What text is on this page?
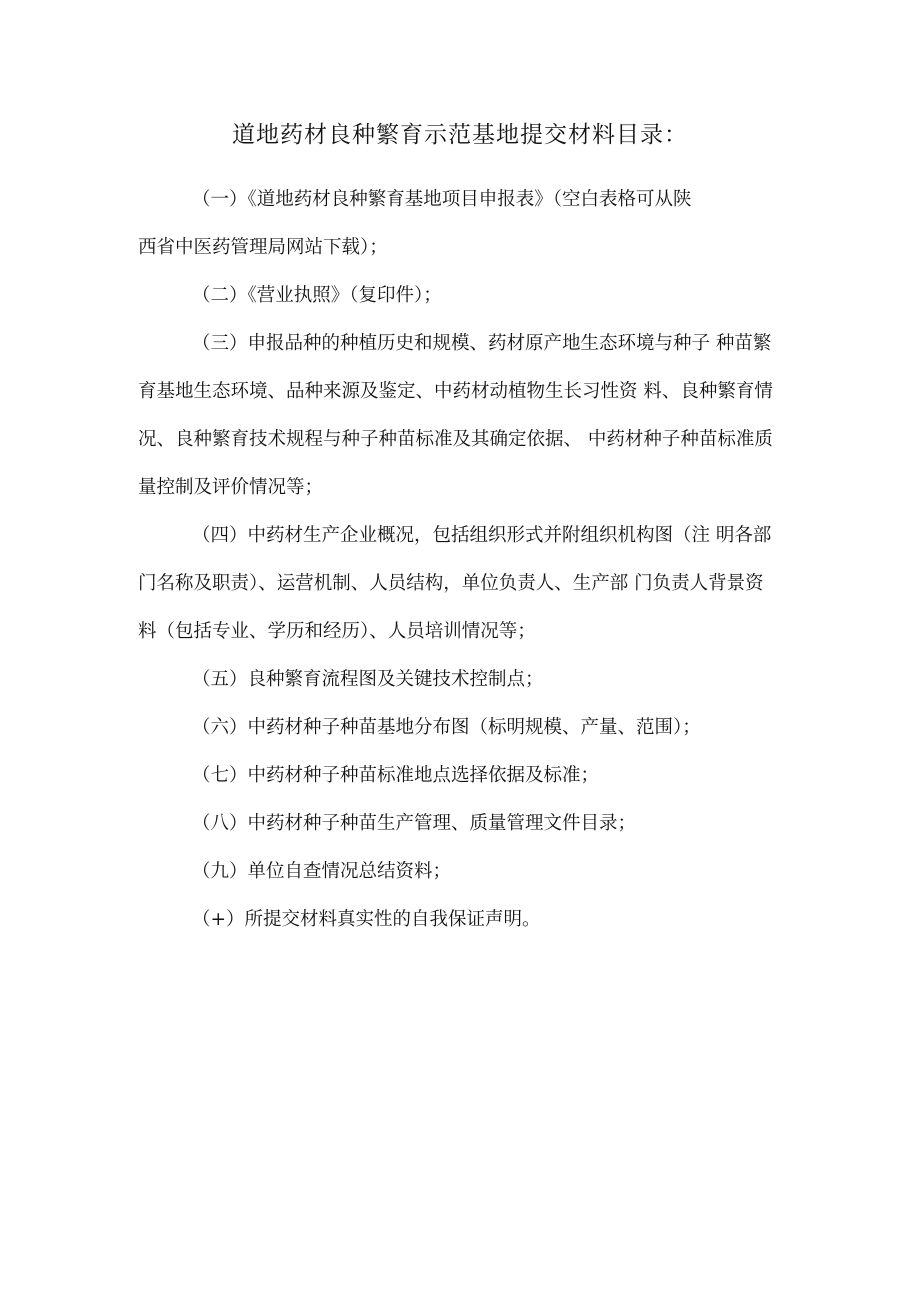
道地药材良种繁育示范基地提交材料目录：

（一）《道地药材良种繁育基地项目申报表》（空白表格可从陕
西省中医药管理局网站下载）；

（二）《营业执照》（复印件）；

（三）申报品种的种植历史和规模、药材原产地生态环境与种子 种苗繁
育基地生态环境、品种来源及鉴定、中药材动植物生长习性资 料、良种繁育情
况、良种繁育技术规程与种子种苗标准及其确定依据、 中药材种子种苗标准质
量控制及评价情况等；

（四）中药材生产企业概况，包括组织形式并附组织机构图（注 明各部
门名称及职责）、运营机制、人员结构，单位负责人、生产部 门负责人背景资
料（包括专业、学历和经历）、人员培训情况等；

（五）良种繁育流程图及关键技术控制点；

（六）中药材种子种苗基地分布图（标明规模、产量、范围）；

（七）中药材种子种苗标准地点选择依据及标准；

（八）中药材种子种苗生产管理、质量管理文件目录；

（九）单位自查情况总结资料；

（+）所提交材料真实性的自我保证声明。
